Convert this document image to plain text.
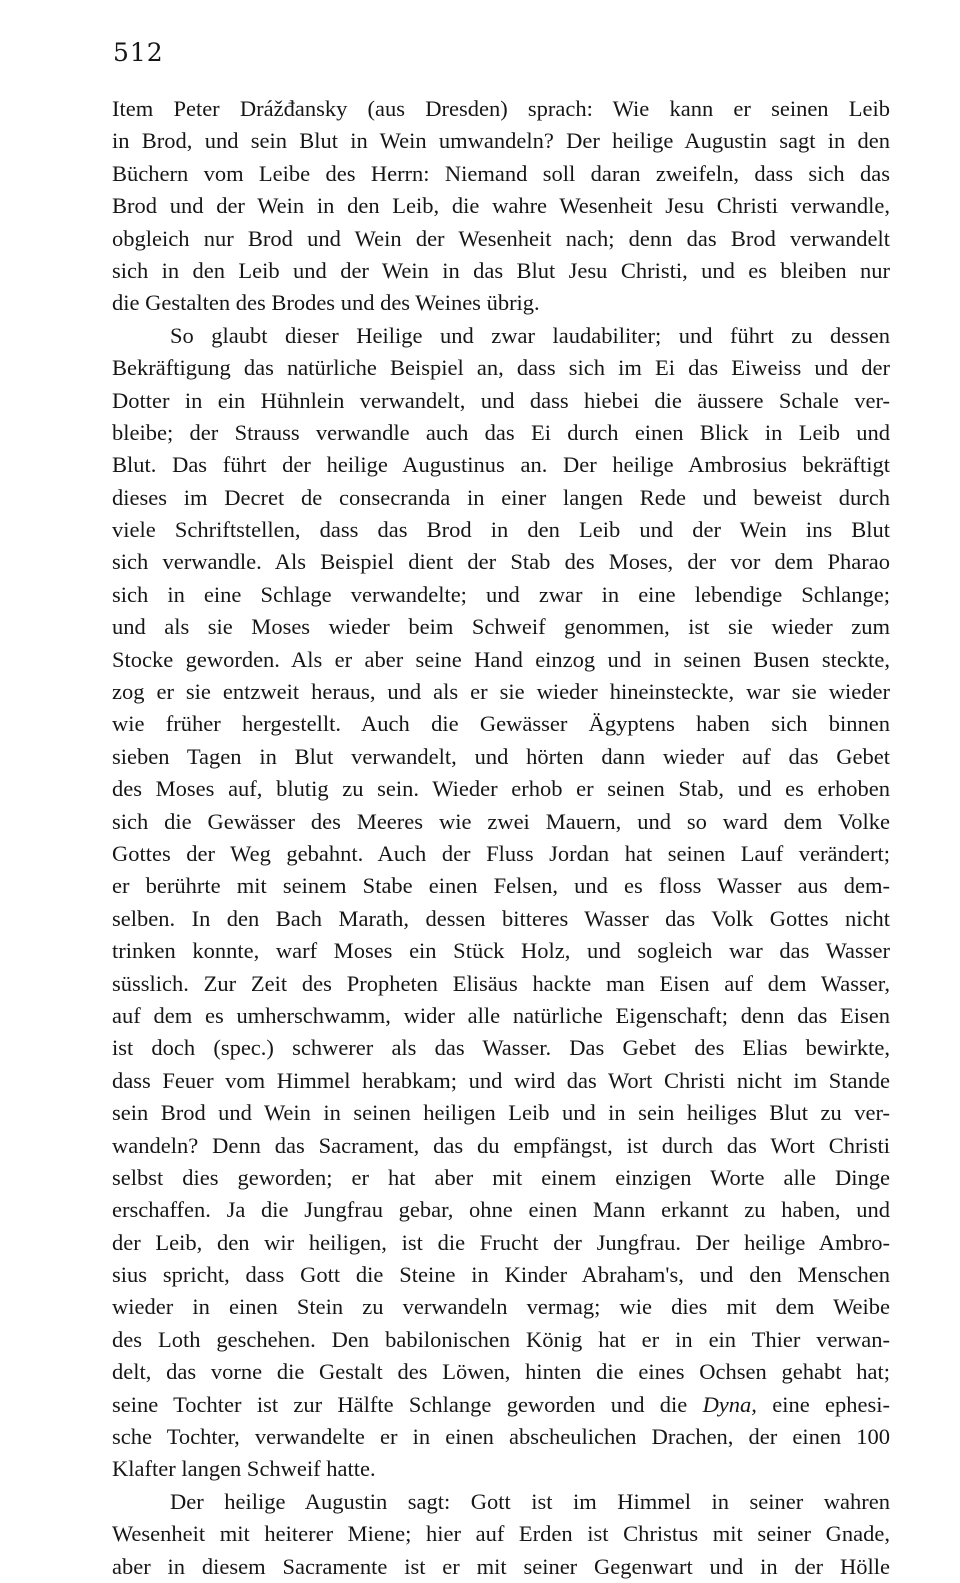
512
Item Peter Drážđansky (aus Dresden) sprach: Wie kann er seinen Leib
in Brod, und sein Blut in Wein umwandeln? Der heilige Augustin sagt in den
Büchern vom Leibe des Herrn: Niemand soll daran zweifeln, dass sich das
Brod und der Wein in den Leib, die wahre Wesenheit Jesu Christi verwandle,
obgleich nur Brod und Wein der Wesenheit nach; denn das Brod verwandelt
sich in den Leib und der Wein in das Blut Jesu Christi, und es bleiben nur
die Gestalten des Brodes und des Weines übrig.
So glaubt dieser Heilige und zwar laudabiliter; und führt zu dessen
Bekräftigung das natürliche Beispiel an, dass sich im Ei das Eiweiss und der
Dotter in ein Hühnlein verwandelt, und dass hiebei die äussere Schale ver-
bleibe; der Strauss verwandle auch das Ei durch einen Blick in Leib und
Blut. Das führt der heilige Augustinus an. Der heilige Ambrosius bekräftigt
dieses im Decret de consecranda in einer langen Rede und beweist durch
viele Schriftstellen, dass das Brod in den Leib und der Wein ins Blut
sich verwandle. Als Beispiel dient der Stab des Moses, der vor dem Pharao
sich in eine Schlage verwandelte; und zwar in eine lebendige Schlange;
und als sie Moses wieder beim Schweif genommen, ist sie wieder zum
Stocke geworden. Als er aber seine Hand einzog und in seinen Busen steckte,
zog er sie entzweit heraus, und als er sie wieder hineinsteckte, war sie wieder
wie früher hergestellt. Auch die Gewässer Ägyptens haben sich binnen
sieben Tagen in Blut verwandelt, und hörten dann wieder auf das Gebet
des Moses auf, blutig zu sein. Wieder erhob er seinen Stab, und es erhoben
sich die Gewässer des Meeres wie zwei Mauern, und so ward dem Volke
Gottes der Weg gebahnt. Auch der Fluss Jordan hat seinen Lauf verändert;
er berührte mit seinem Stabe einen Felsen, und es floss Wasser aus dem-
selben. In den Bach Marath, dessen bitteres Wasser das Volk Gottes nicht
trinken konnte, warf Moses ein Stück Holz, und sogleich war das Wasser
süsslich. Zur Zeit des Propheten Elisäus hackte man Eisen auf dem Wasser,
auf dem es umherschwamm, wider alle natürliche Eigenschaft; denn das Eisen
ist doch (spec.) schwerer als das Wasser. Das Gebet des Elias bewirkte,
dass Feuer vom Himmel herabkam; und wird das Wort Christi nicht im Stande
sein Brod und Wein in seinen heiligen Leib und in sein heiliges Blut zu ver-
wandeln? Denn das Sacrament, das du empfängst, ist durch das Wort Christi
selbst dies geworden; er hat aber mit einem einzigen Worte alle Dinge
erschaffen. Ja die Jungfrau gebar, ohne einen Mann erkannt zu haben, und
der Leib, den wir heiligen, ist die Frucht der Jungfrau. Der heilige Ambro-
sius spricht, dass Gott die Steine in Kinder Abraham's, und den Menschen
wieder in einen Stein zu verwandeln vermag; wie dies mit dem Weibe
des Loth geschehen. Den babilonischen König hat er in ein Thier verwan-
delt, das vorne die Gestalt des Löwen, hinten die eines Ochsen gehabt hat;
seine Tochter ist zur Hälfte Schlange geworden und die Dyna, eine ephesi-
sche Tochter, verwandelte er in einen abscheulichen Drachen, der einen 100
Klafter langen Schweif hatte.
Der heilige Augustin sagt: Gott ist im Himmel in seiner wahren
Wesenheit mit heiterer Miene; hier auf Erden ist Christus mit seiner Gnade,
aber in diesem Sacramente ist er mit seiner Gegenwart und in der Hölle
